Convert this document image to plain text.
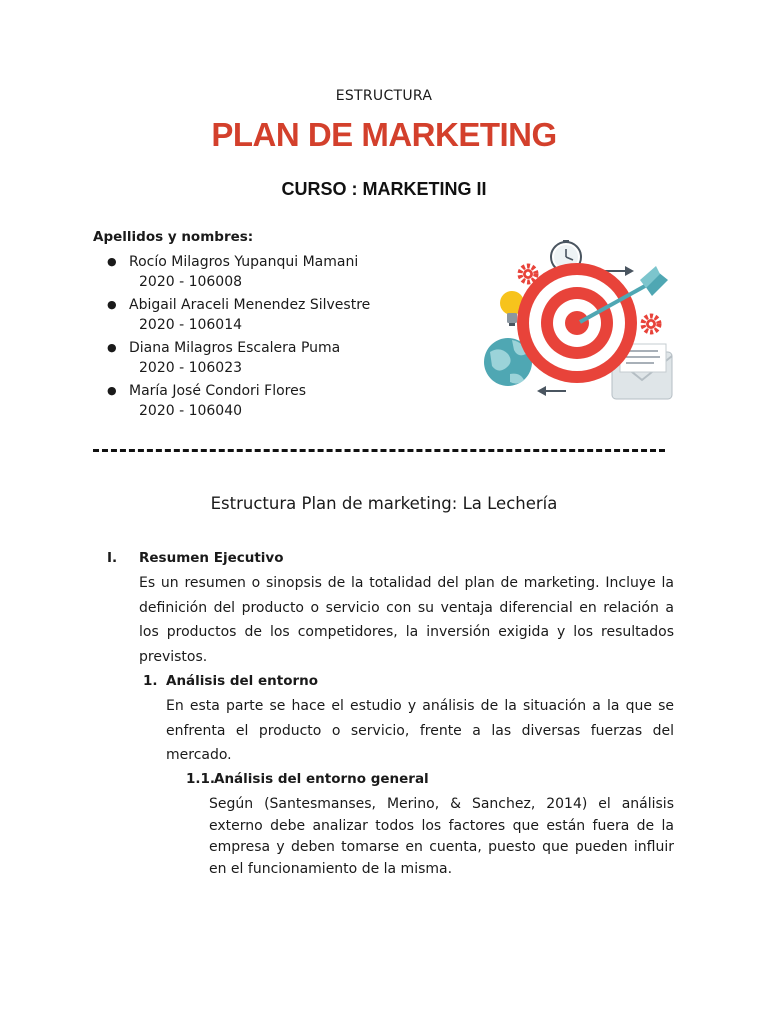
ESTRUCTURA
PLAN DE MARKETING
CURSO : MARKETING II
Apellidos y nombres:
● Rocío Milagros Yupanqui Mamani
2020 - 106008
● Abigail Araceli Menendez Silvestre
2020 - 106014
● Diana Milagros Escalera Puma
2020 - 106023
● María José Condori Flores
2020 - 106040
Estructura Plan de marketing: La Lechería
I. Resumen Ejecutivo
Es un resumen o sinopsis de la totalidad del plan de marketing. Incluye la definición del producto o servicio con su ventaja diferencial en relación a los productos de los competidores, la inversión exigida y los resultados previstos.
1. Análisis del entorno
En esta parte se hace el estudio y análisis de la situación a la que se enfrenta el producto o servicio, frente a las diversas fuerzas del mercado.
1.1.
Análisis del entorno general
Según (Santesmanses, Merino, & Sanchez, 2014) el análisis externo debe analizar todos los factores que están fuera de la empresa y deben tomarse en cuenta, puesto que pueden influir en el funcionamiento de la misma.
